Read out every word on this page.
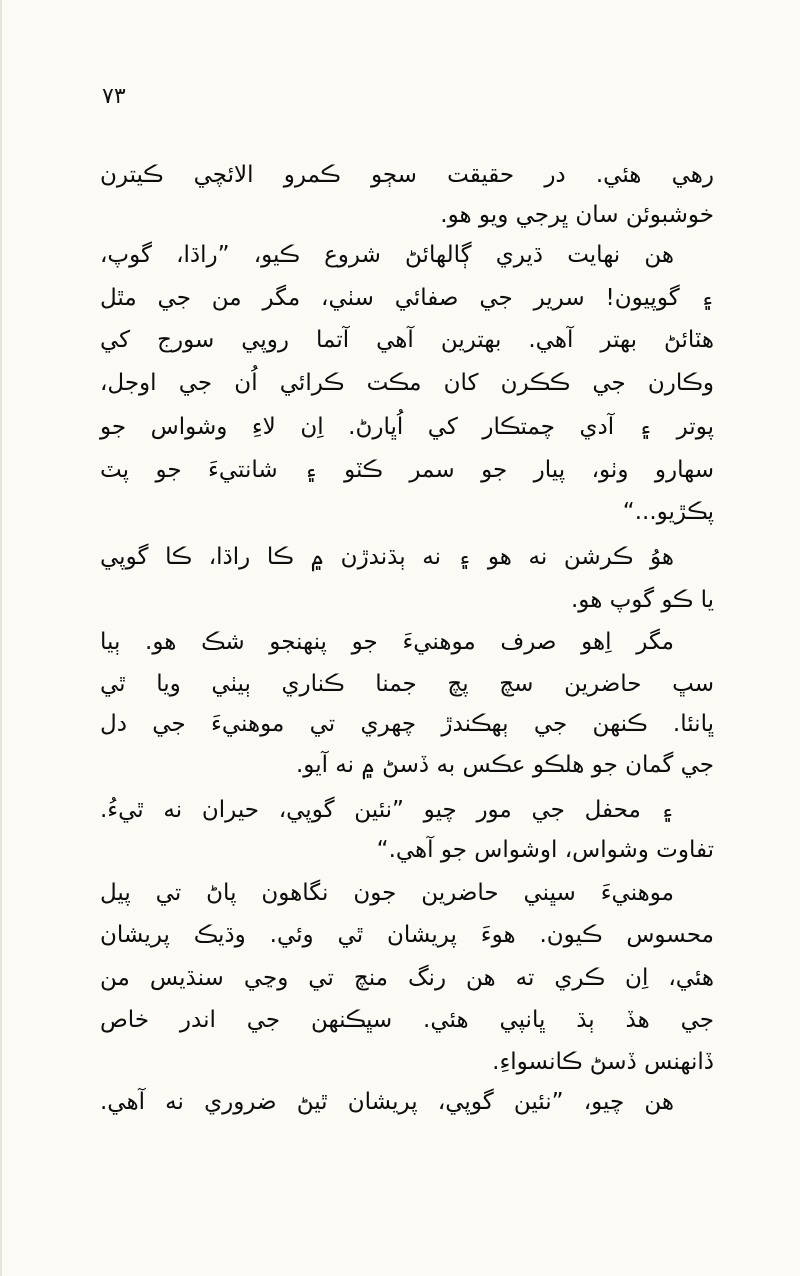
٧٣
رهي هئي. در حقيقت سڄو ڪمرو الائچي ڪيترن
خوشبوئن سان ڀرجي ويو هو.
هن نهايت ڌيري ڳالهائڻ شروع ڪيو، ”راڌا، گوپ،
۽ گوپيون! سرير جي صفائي سٺي، مگر من جي مٿل
هٽائڻ بهتر آهي. بهترين آهي آتما روپي سورج کي
وڪارن جي ڪڪرن کان مڪت ڪرائي اُن جي اوجل،
پوتر ۽ آدي چمتڪار کي اُڀارڻ. اِن لاءِ وشواس جو
سهارو وٺو، پيار جو سمر ڪٽو ۽ شانتيءَ جو پٽ
پڪڙيو...“
هوُ ڪرشن نه هو ۽ نه ٻڌندڙن ۾ ڪا راڌا، ڪا گوپي
يا ڪو گوپ هو.
مگر اِهو صرف موهنيءَ جو پنهنجو شڪ هو. ٻيا
سڀ حاضرين سچ پچ جمنا ڪناري ٻيٺي ويا ٿي
ڀانئا. ڪنهن جي ٻهڪندڙ چهري تي موهنيءَ جي دل
جي گمان جو هلڪو عڪس به ڏسڻ ۾ نه آيو.
۽ محفل جي مور چيو ”نئين گوپي، حيران نه ٿيءُ.
تفاوت وشواس، اوشواس جو آهي.“
موهنيءَ سڀني حاضرين جون نگاهون پاڻ تي پيل
محسوس ڪيون. هوءَ پريشان ٿي وئي. وڌيڪ پريشان
هئي، اِن ڪري ته هن رنگ منچ تي وڃي سنڌيس من
جي هڏ ٻڌ ڀانپي هئي. سڀڪنهن جي اندر خاص
ڏانهنس ڏسڻ ڪانسواءِ.
هن چيو، ”نئين گوپي، پريشان ٿيڻ ضروري نه آهي.
